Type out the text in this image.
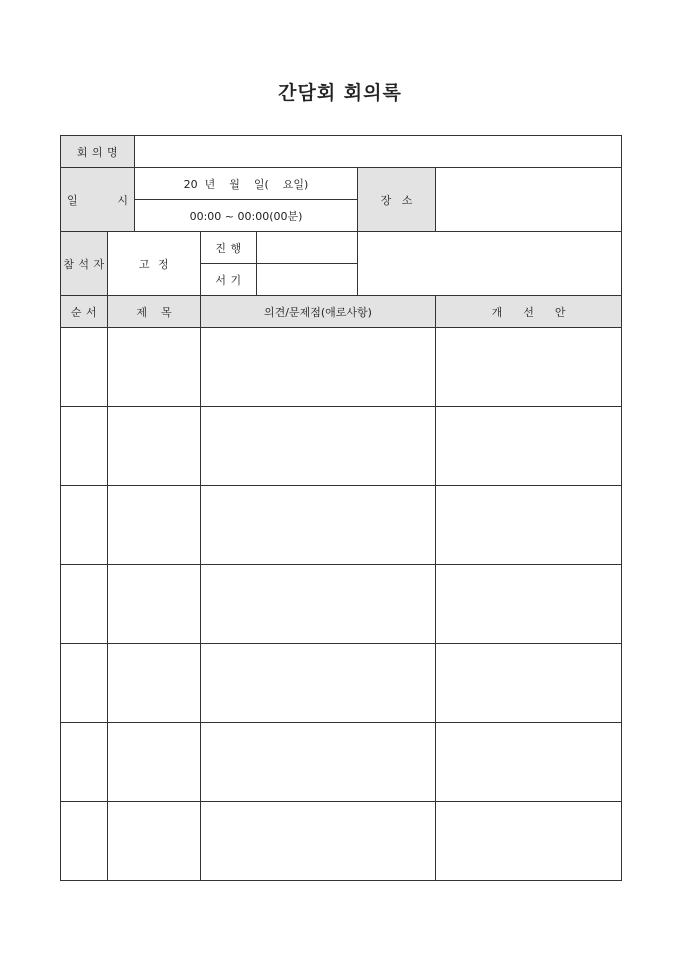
간담회 회의록
회 의 명						

일 시		20  년    월    일(    요일)			장   소	
		00:00 ~ 00:00(00분)				
참 석 자	고  정		진 행			
			서 기			
순 서	제    목		의견/문제점(애로사항)			개      선      안
